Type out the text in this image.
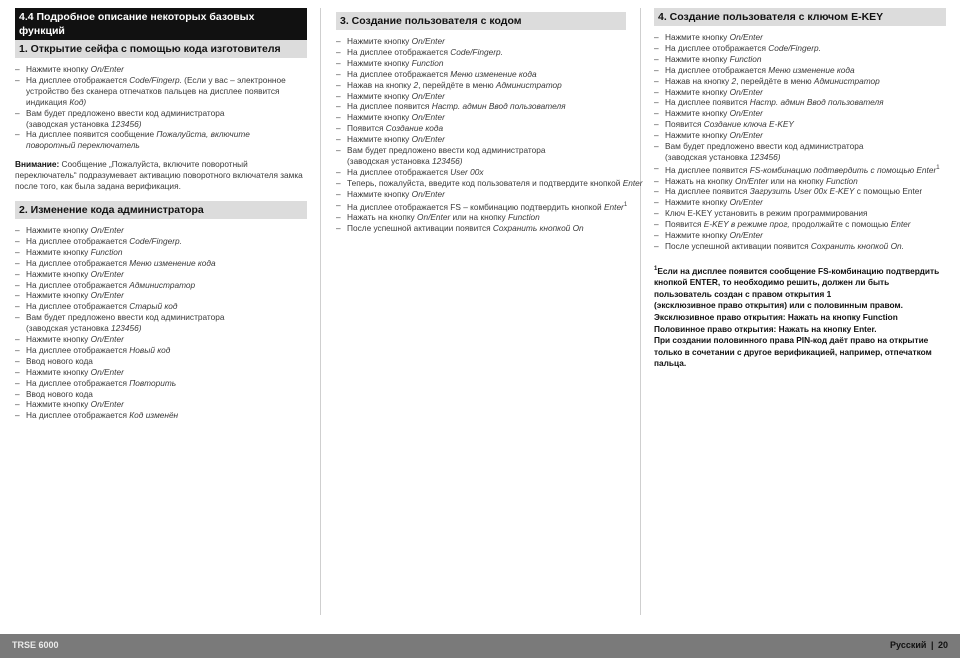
4.4 Подробное описание некоторых базовых функций
1. Открытие сейфа с помощью кода изготовителя
– Нажмите кнопку On/Enter
– На дисплее отображается Code/Fingerp. (Если у вас – электронное
устройство без сканера отпечатков пальцев на дисплее появится
индикация Код)
– Вам будет предложено ввести код администратора
(заводская установка 123456)
– На дисплее появится сообщение Пожалуйста, включите
поворотный переключатель
Внимание: Сообщение „Пожалуйста, включите поворотный переключатель“ подразумевает активацию поворотного включателя замка после того, как была задана верификация.
2. Изменение кода администратора
– Нажмите кнопку On/Enter
– На дисплее отображается Code/Fingerp.
– Нажмите кнопку Function
– На дисплее отображается Меню изменение кода
– Нажмите кнопку On/Enter
– На дисплее отображается Администратор
– Нажмите кнопку On/Enter
– На дисплее отображается Старый код
– Вам будет предложено ввести код администратора
(заводская установка 123456)
– Нажмите кнопку On/Enter
– На дисплее отображается Новый код
– Ввод нового кода
– Нажмите кнопку On/Enter
– На дисплее отображается Повторить
– Ввод нового кода
– Нажмите кнопку On/Enter
– На дисплее отображается Код изменён
3. Создание пользователя с кодом
– Нажмите кнопку On/Enter
– На дисплее отображается Code/Fingerp.
– Нажмите кнопку Function
– На дисплее отображается Меню изменение кода
– Нажав на кнопку 2, перейдёте в меню Администратор
– Нажмите кнопку On/Enter
– На дисплее появится Настр. админ Ввод пользователя
– Нажмите кнопку On/Enter
– Появится Создание кода
– Нажмите кнопку On/Enter
– Вам будет предложено ввести код администратора
(заводская установка 123456)
– На дисплее отображается User 00x
– Теперь, пожалуйста, введите код пользователя и подтвердите кнопкой Enter
– Нажмите кнопку On/Enter
– На дисплее отображается FS – комбинацию подтвердить кнопкой Enter$^1$
– Нажать на кнопку On/Enter или на кнопку Function
– После успешной активации появится Сохранить кнопкой On
4. Создание пользователя с ключом E-KEY
– Нажмите кнопку On/Enter
– На дисплее отображается Code/Fingerp.
– Нажмите кнопку Function
– На дисплее отображается Меню изменение кода
– Нажав на кнопку 2, перейдёте в меню Администратор
– Нажмите кнопку On/Enter
– На дисплее появится Настр. админ Ввод пользователя
– Нажмите кнопку On/Enter
– Появится Создание ключа E-KEY
– Нажмите кнопку On/Enter
– Вам будет предложено ввести код администратора
(заводская установка 123456)
– На дисплее появится FS-комбинацию подтвердить с помощью Enter$^1$
– Нажать на кнопку On/Enter или на кнопку Function
– На дисплее появится Загрузить User 00x E-KEY с помощью Enter
– Нажмите кнопку On/Enter
– Ключ E-KEY установить в режим программирования
– Появится E-KEY в режиме прог, продолжайте с помощью Enter
– Нажмите кнопку On/Enter
– После успешной активации появится Сохранить кнопкой On.
$^1$Если на дисплее появится сообщение FS-комбинацию подтвердить
кнопкой ENTER, то необходимо решить, должен ли быть
пользователь создан с правом открытия 1
(эксклюзивное право открытия) или с половинным правом.
Эксклюзивное право открытия: Нажать на кнопку Function
Половинное право открытия: Нажать на кнопку Enter.
При создании половинного права PIN-код даёт право на открытие
только в сочетании с другое верификацией, например, отпечатком
пальца.
TRSE 6000	Русский | 20
